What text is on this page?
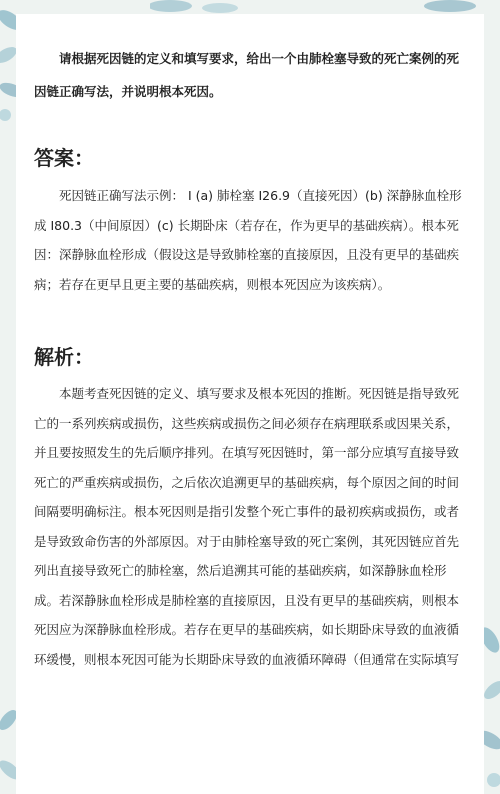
请根据死因链的定义和填写要求，给出一个由肺栓塞导致的死亡案例的死
因链正确写法，并说明根本死因。
答案：
死因链正确写法示例： I (a) 肺栓塞 I26.9（直接死因）(b) 深静脉血栓形
成 I80.3（中间原因）(c) 长期卧床（若存在，作为更早的基础疾病）。根本死
因：深静脉血栓形成（假设这是导致肺栓塞的直接原因，且没有更早的基础疾
病；若存在更早且更主要的基础疾病，则根本死因应为该疾病）。
解析：
本题考查死因链的定义、填写要求及根本死因的推断。死因链是指导致死
亡的一系列疾病或损伤，这些疾病或损伤之间必须存在病理联系或因果关系，
并且要按照发生的先后顺序排列。在填写死因链时，第一部分应填写直接导致
死亡的严重疾病或损伤，之后依次追溯更早的基础疾病，每个原因之间的时间
间隔要明确标注。根本死因则是指引发整个死亡事件的最初疾病或损伤，或者
是导致致命伤害的外部原因。对于由肺栓塞导致的死亡案例，其死因链应首先
列出直接导致死亡的肺栓塞，然后追溯其可能的基础疾病，如深静脉血栓形
成。若深静脉血栓形成是肺栓塞的直接原因，且没有更早的基础疾病，则根本
死因应为深静脉血栓形成。若存在更早的基础疾病，如长期卧床导致的血液循
环缓慢，则根本死因可能为长期卧床导致的血液循环障碍（但通常在实际填写
